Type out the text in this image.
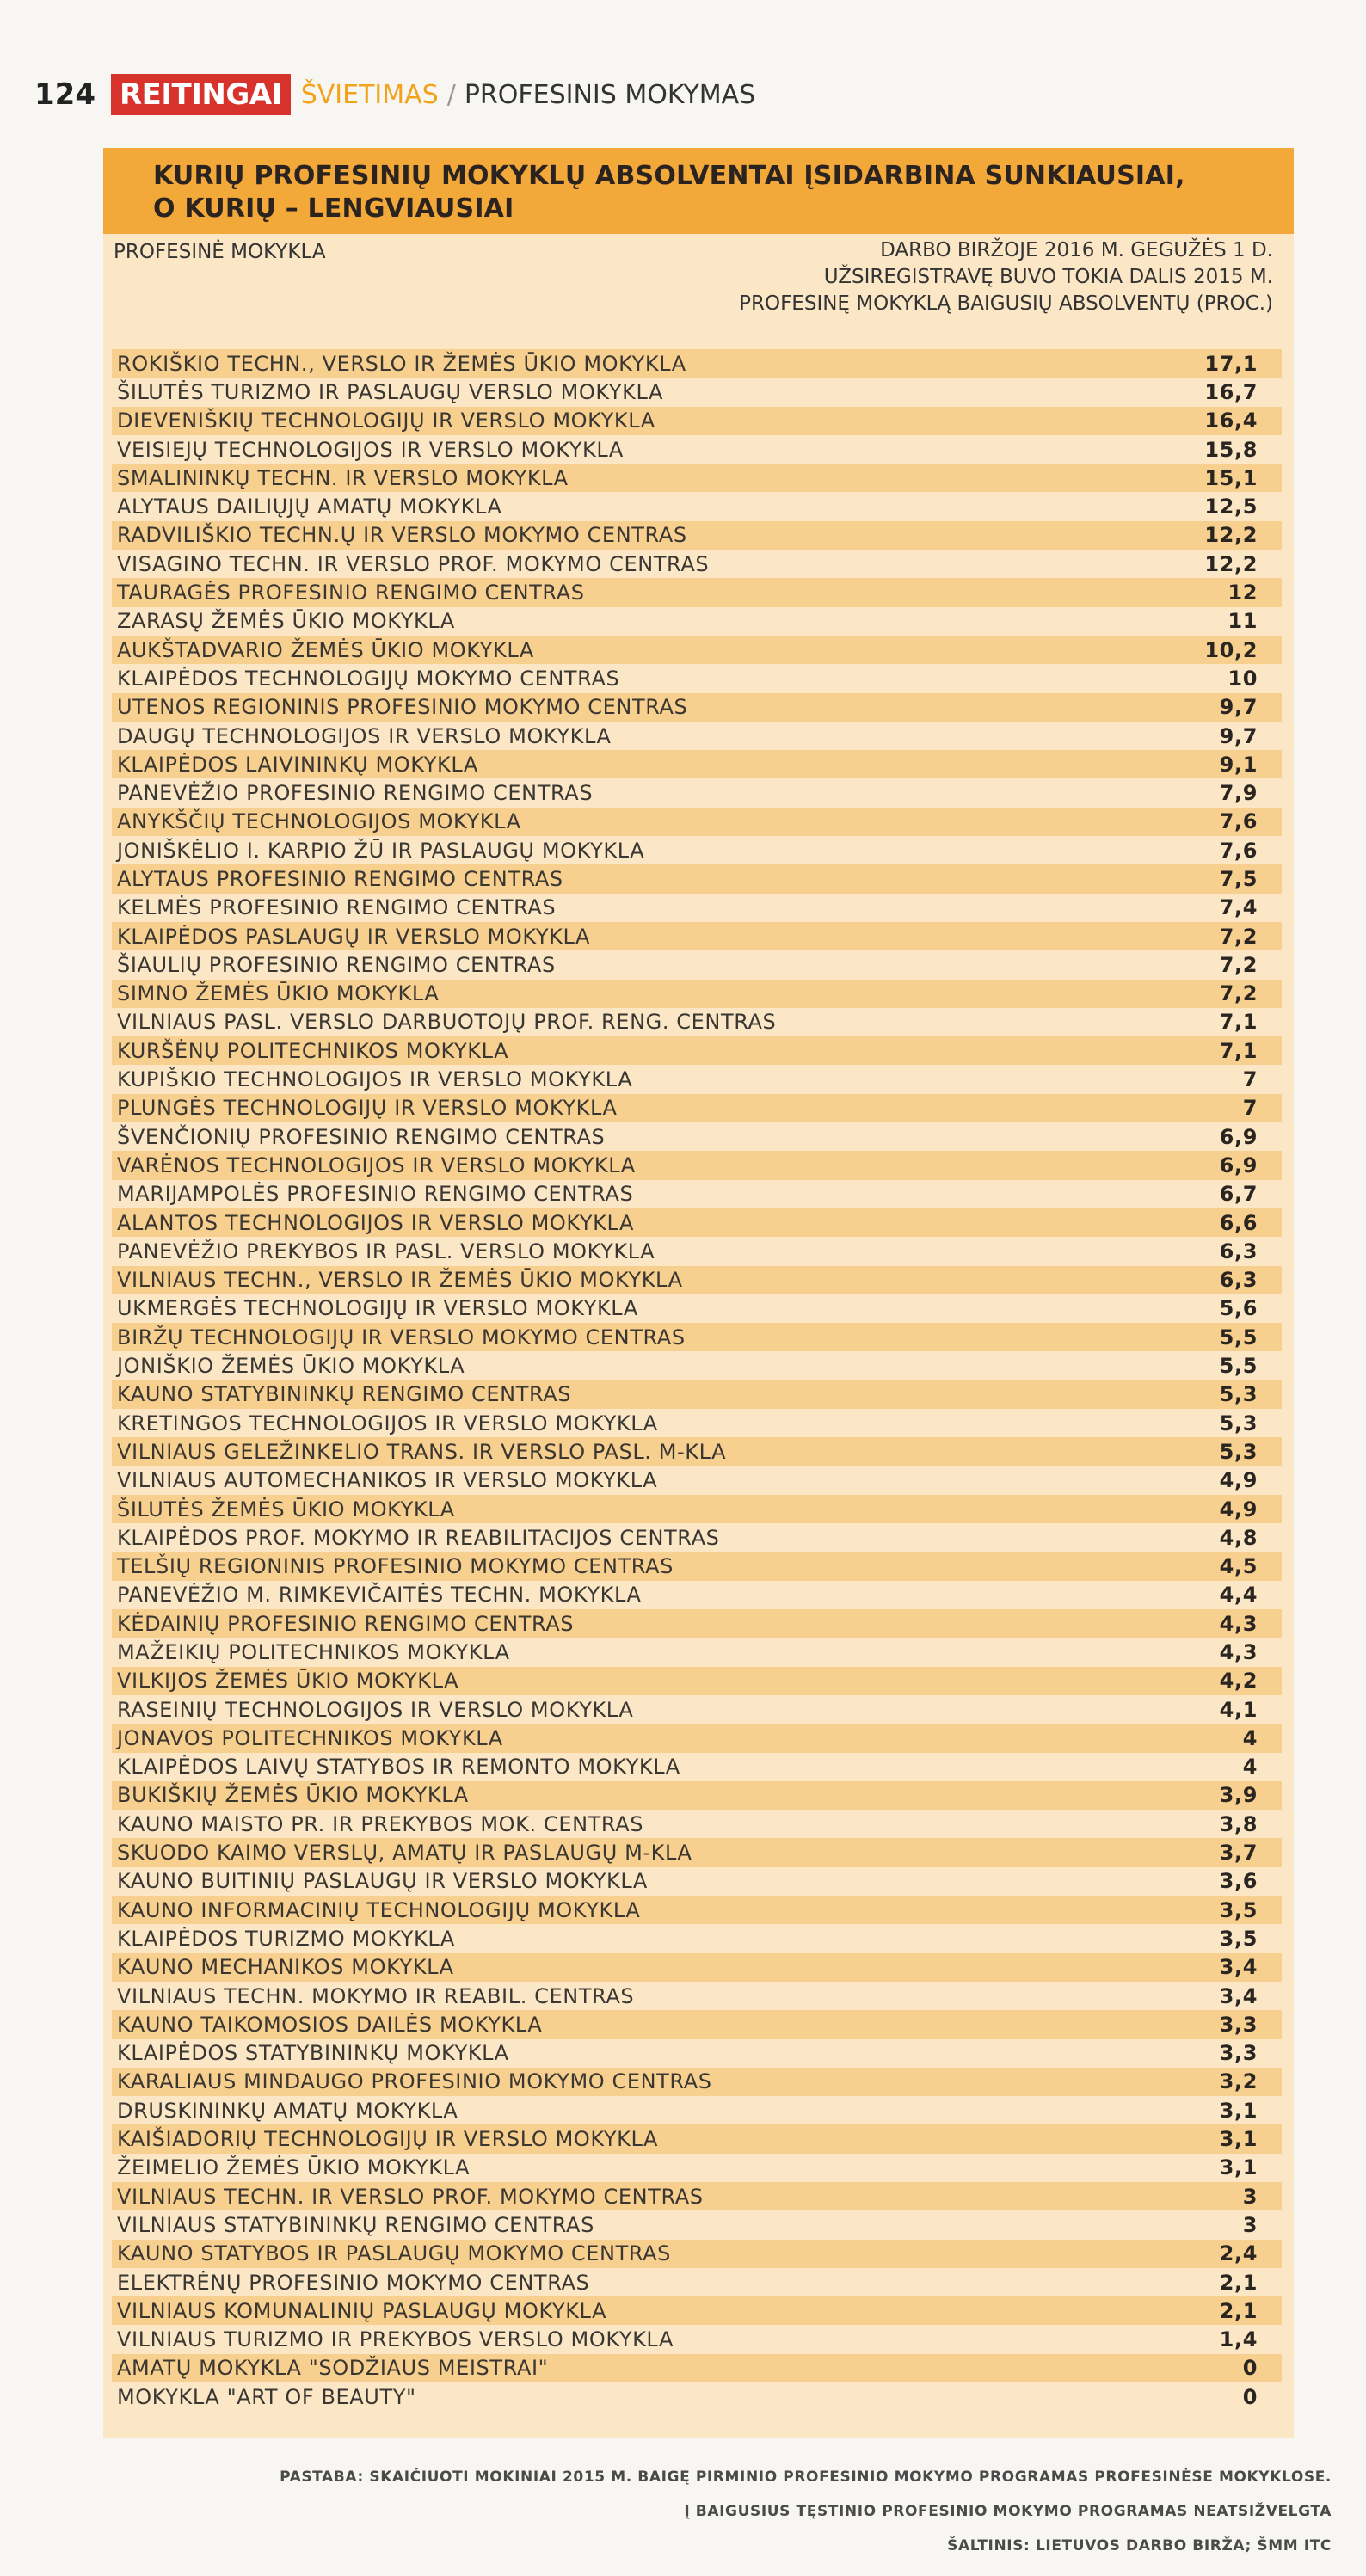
124 REITINGAI ŠVIETIMAS / PROFESINIS MOKYMAS
KURIŲ PROFESINIŲ MOKYKLŲ ABSOLVENTAI ĮSIDARBINA SUNKIAUSIAI,
O KURIŲ – LENGVIAUSIAI
PROFESINĖ MOKYKLA	DARBO BIRŽOJE 2016 M. GEGUŽĖS 1 D.
UŽSIREGISTRAVĘ BUVO TOKIA DALIS 2015 M.
PROFESINĘ MOKYKLĄ BAIGUSIŲ ABSOLVENTŲ (PROC.)
ROKIŠKIO TECHN., VERSLO IR ŽEMĖS ŪKIO MOKYKLA	17,1
ŠILUTĖS TURIZMO IR PASLAUGŲ VERSLO MOKYKLA	16,7
DIEVENIŠKIŲ TECHNOLOGIJŲ IR VERSLO MOKYKLA	16,4
VEISIEJŲ TECHNOLOGIJOS IR VERSLO MOKYKLA	15,8
SMALININKŲ TECHN. IR VERSLO MOKYKLA	15,1
ALYTAUS DAILIŲJŲ AMATŲ MOKYKLA	12,5
RADVILIŠKIO TECHN.Ų IR VERSLO MOKYMO CENTRAS	12,2
VISAGINO TECHN. IR VERSLO PROF. MOKYMO CENTRAS	12,2
TAURAGĖS PROFESINIO RENGIMO CENTRAS	12
ZARASŲ ŽEMĖS ŪKIO MOKYKLA	11
AUKŠTADVARIO ŽEMĖS ŪKIO MOKYKLA	10,2
KLAIPĖDOS TECHNOLOGIJŲ MOKYMO CENTRAS	10
UTENOS REGIONINIS PROFESINIO MOKYMO CENTRAS	9,7
DAUGŲ TECHNOLOGIJOS IR VERSLO MOKYKLA	9,7
KLAIPĖDOS LAIVININKŲ MOKYKLA	9,1
PANEVĖŽIO PROFESINIO RENGIMO CENTRAS	7,9
ANYKŠČIŲ TECHNOLOGIJOS MOKYKLA	7,6
JONIŠKĖLIO I. KARPIO ŽŪ IR PASLAUGŲ MOKYKLA	7,6
ALYTAUS PROFESINIO RENGIMO CENTRAS	7,5
KELMĖS PROFESINIO RENGIMO CENTRAS	7,4
KLAIPĖDOS PASLAUGŲ IR VERSLO MOKYKLA	7,2
ŠIAULIŲ PROFESINIO RENGIMO CENTRAS	7,2
SIMNO ŽEMĖS ŪKIO MOKYKLA	7,2
VILNIAUS PASL. VERSLO DARBUOTOJŲ PROF. RENG. CENTRAS	7,1
KURŠĖNŲ POLITECHNIKOS MOKYKLA	7,1
KUPIŠKIO TECHNOLOGIJOS IR VERSLO MOKYKLA	7
PLUNGĖS TECHNOLOGIJŲ IR VERSLO MOKYKLA	7
ŠVENČIONIŲ PROFESINIO RENGIMO CENTRAS	6,9
VARĖNOS TECHNOLOGIJOS IR VERSLO MOKYKLA	6,9
MARIJAMPOLĖS PROFESINIO RENGIMO CENTRAS	6,7
ALANTOS TECHNOLOGIJOS IR VERSLO MOKYKLA	6,6
PANEVĖŽIO PREKYBOS IR PASL. VERSLO MOKYKLA	6,3
VILNIAUS TECHN., VERSLO IR ŽEMĖS ŪKIO MOKYKLA	6,3
UKMERGĖS TECHNOLOGIJŲ IR VERSLO MOKYKLA	5,6
BIRŽŲ TECHNOLOGIJŲ IR VERSLO MOKYMO CENTRAS	5,5
JONIŠKIO ŽEMĖS ŪKIO MOKYKLA	5,5
KAUNO STATYBININKŲ RENGIMO CENTRAS	5,3
KRETINGOS TECHNOLOGIJOS IR VERSLO MOKYKLA	5,3
VILNIAUS GELEŽINKELIO TRANS. IR VERSLO PASL. M-KLA	5,3
VILNIAUS AUTOMECHANIKOS IR VERSLO MOKYKLA	4,9
ŠILUTĖS ŽEMĖS ŪKIO MOKYKLA	4,9
KLAIPĖDOS PROF. MOKYMO IR REABILITACIJOS CENTRAS	4,8
TELŠIŲ REGIONINIS PROFESINIO MOKYMO CENTRAS	4,5
PANEVĖŽIO M. RIMKEVIČAITĖS TECHN. MOKYKLA	4,4
KĖDAINIŲ PROFESINIO RENGIMO CENTRAS	4,3
MAŽEIKIŲ POLITECHNIKOS MOKYKLA	4,3
VILKIJOS ŽEMĖS ŪKIO MOKYKLA	4,2
RASEINIŲ TECHNOLOGIJOS IR VERSLO MOKYKLA	4,1
JONAVOS POLITECHNIKOS MOKYKLA	4
KLAIPĖDOS LAIVŲ STATYBOS IR REMONTO MOKYKLA	4
BUKIŠKIŲ ŽEMĖS ŪKIO MOKYKLA	3,9
KAUNO MAISTO PR. IR PREKYBOS MOK. CENTRAS	3,8
SKUODO KAIMO VERSLŲ, AMATŲ IR PASLAUGŲ M-KLA	3,7
KAUNO BUITINIŲ PASLAUGŲ IR VERSLO MOKYKLA	3,6
KAUNO INFORMACINIŲ TECHNOLOGIJŲ MOKYKLA	3,5
KLAIPĖDOS TURIZMO MOKYKLA	3,5
KAUNO MECHANIKOS MOKYKLA	3,4
VILNIAUS TECHN. MOKYMO IR REABIL. CENTRAS	3,4
KAUNO TAIKOMOSIOS DAILĖS MOKYKLA	3,3
KLAIPĖDOS STATYBININKŲ MOKYKLA	3,3
KARALIAUS MINDAUGO PROFESINIO MOKYMO CENTRAS	3,2
DRUSKININKŲ AMATŲ MOKYKLA	3,1
KAIŠIADORIŲ TECHNOLOGIJŲ IR VERSLO MOKYKLA	3,1
ŽEIMELIO ŽEMĖS ŪKIO MOKYKLA	3,1
VILNIAUS TECHN. IR VERSLO PROF. MOKYMO CENTRAS	3
VILNIAUS STATYBININKŲ RENGIMO CENTRAS	3
KAUNO STATYBOS IR PASLAUGŲ MOKYMO CENTRAS	2,4
ELEKTRĖNŲ PROFESINIO MOKYMO CENTRAS	2,1
VILNIAUS KOMUNALINIŲ PASLAUGŲ MOKYKLA	2,1
VILNIAUS TURIZMO IR PREKYBOS VERSLO MOKYKLA	1,4
AMATŲ MOKYKLA "SODŽIAUS MEISTRAI"	0
MOKYKLA "ART OF BEAUTY"	0
PASTABA: SKAIČIUOTI MOKINIAI 2015 M. BAIGĘ PIRMINIO PROFESINIO MOKYMO PROGRAMAS PROFESINĖSE MOKYKLOSE.
Į BAIGUSIUS TĘSTINIO PROFESINIO MOKYMO PROGRAMAS NEATSIŽVELGTA
ŠALTINIS: LIETUVOS DARBO BIRŽA; ŠMM ITC
